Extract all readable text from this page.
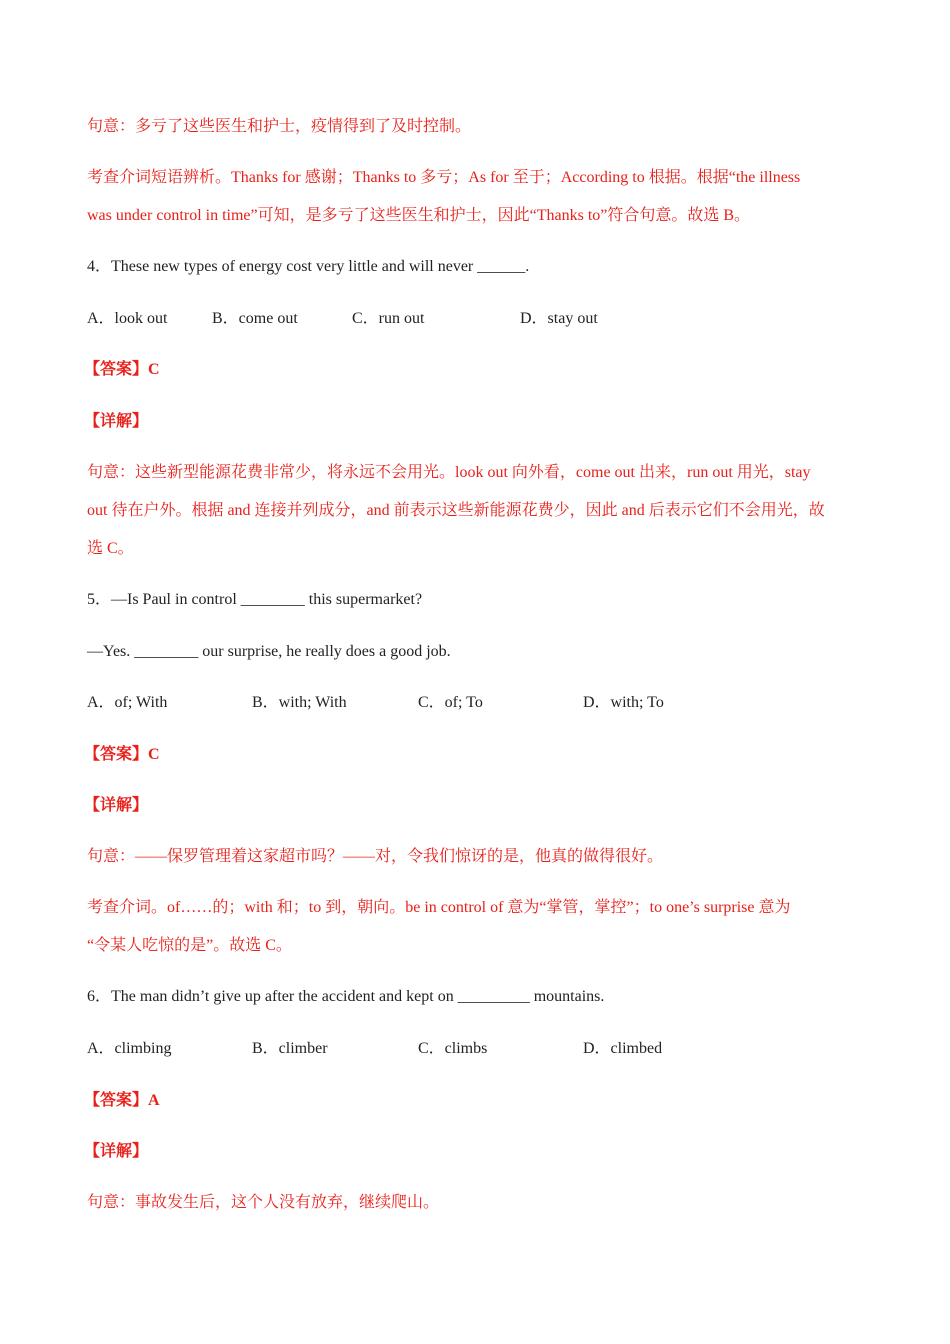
句意：多亏了这些医生和护士，疫情得到了及时控制。
考查介词短语辨析。Thanks for 感谢；Thanks to 多亏；As for 至于；According to 根据。根据“the illness
was under control in time”可知，是多亏了这些医生和护士，因此“Thanks to”符合句意。故选 B。
4．These new types of energy cost very little and will never ______.
A．look out	B．come out	C．run out	D．stay out
【答案】C
【详解】
句意：这些新型能源花费非常少，将永远不会用光。look out 向外看，come out 出来，run out 用光，stay
out 待在户外。根据 and 连接并列成分，and 前表示这些新能源花费少，因此 and 后表示它们不会用光，故
选 C。
5．—Is Paul in control ________ this supermarket?
—Yes. ________ our surprise, he really does a good job.
A．of; With	B．with; With	C．of; To	D．with; To
【答案】C
【详解】
句意：——保罗管理着这家超市吗？——对，令我们惊讶的是，他真的做得很好。
考查介词。of……的；with 和；to 到，朝向。be in control of 意为“掌管，掌控”；to one’s surprise 意为
“令某人吃惊的是”。故选 C。
6．The man didn’t give up after the accident and kept on _________ mountains.
A．climbing	B．climber	C．climbs	D．climbed
【答案】A
【详解】
句意：事故发生后，这个人没有放弃，继续爬山。
